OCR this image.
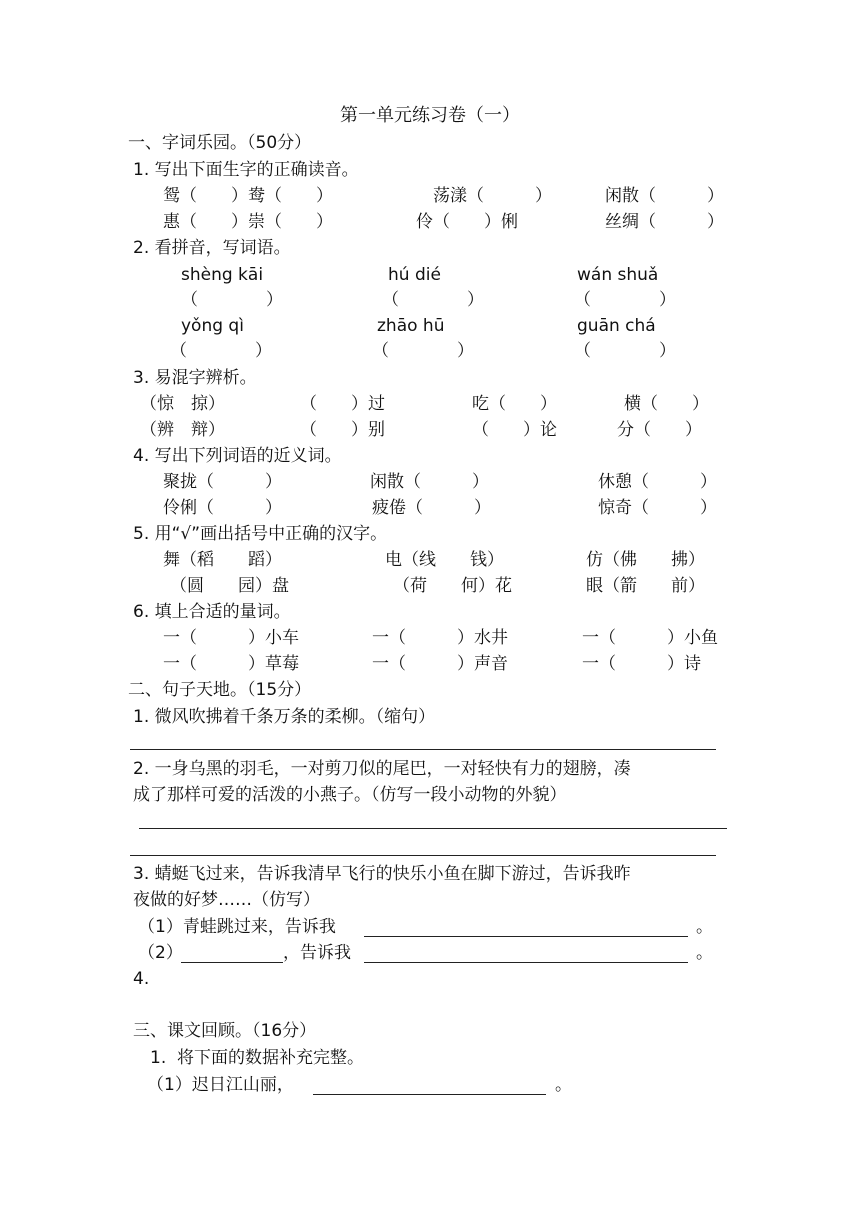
第一单元练习卷（一）
一、字词乐园。（50分）
1. 写出下面生字的正确读音。
鸳（　　）鸯（　　）	荡漾（　　　）	闲散（　　　）
惠（　　）崇（　　）	伶（　　）俐	丝绸（　　　）
2. 看拼音，写词语。
shèng kāi	hú dié	wán shuǎ
（　　　　）	（　　　　）	（　　　　）
yǒng qì	zhāo hū	guān chá
（　　　　）	（　　　　）	（　　　　）
3. 易混字辨析。
（惊　掠）	（　　）过	吃（　　）	横（　　）
（辨　辩）	（　　）别	（　　）论	分（　　）
4. 写出下列词语的近义词。
聚拢（　　　）	闲散（　　　）	休憩（　　　）
伶俐（　　　）	疲倦（　　　）	惊奇（　　　）
5. 用“√”画出括号中正确的汉字。
舞（稻　　蹈）	电（线　　钱）	仿（佛　　拂）
（圆　　园）盘	（荷　　何）花	眼（箭　　前）
6. 填上合适的量词。
一（　　　）小车	一（　　　）水井	一（　　　）小鱼
一（　　　）草莓	一（　　　）声音	一（　　　）诗
二、句子天地。（15分）
1. 微风吹拂着千条万条的柔柳。（缩句）
2. 一身乌黑的羽毛，一对剪刀似的尾巴，一对轻快有力的翅膀，凑
成了那样可爱的活泼的小燕子。（仿写一段小动物的外貌）
3. 蜻蜓飞过来，告诉我清早飞行的快乐小鱼在脚下游过，告诉我昨
夜做的好梦……（仿写）
（1）青蛙跳过来，告诉我	。
（2）	，告诉我	。
4.
三、课文回顾。（16分）
1.  将下面的数据补充完整。
（1）迟日江山丽，	。
